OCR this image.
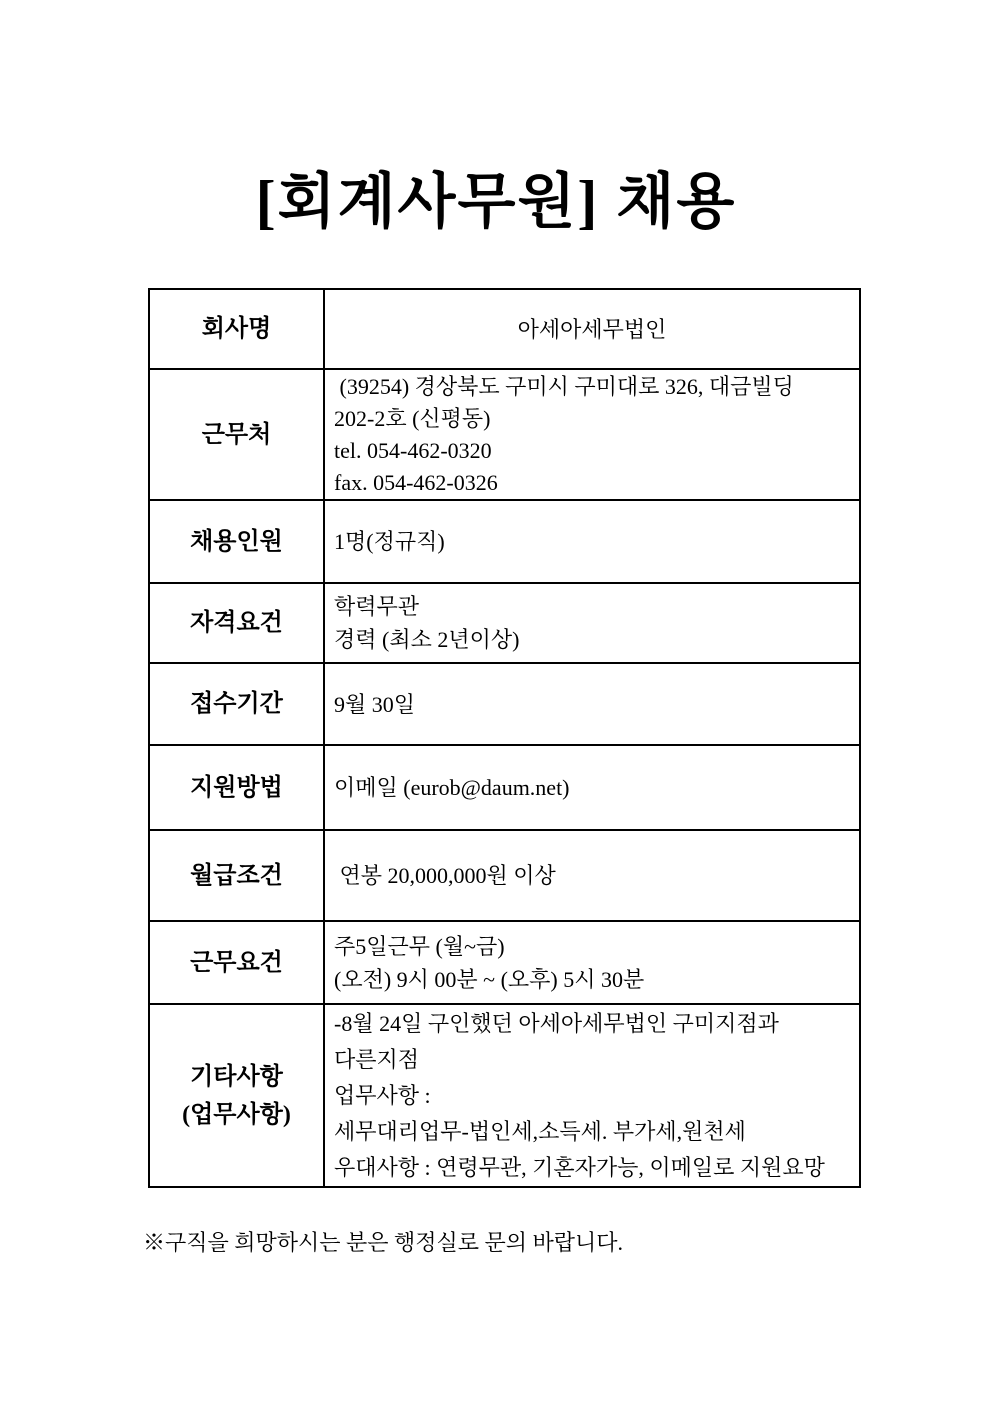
[회계사무원] 채용
회사명	아세아세무법인
근무처
(39254) 경상북도 구미시 구미대로 326, 대금빌딩
202-2호 (신평동)
tel. 054-462-0320
fax. 054-462-0326
채용인원 1명(정규직)
자격요건
학력무관
경력 (최소 2년이상)
접수기간 9월 30일
지원방법 이메일 (eurob@daum.net)
월급조건 연봉 20,000,000원 이상
근무요건
주5일근무 (월~금)
(오전) 9시 00분 ~ (오후) 5시 30분
기타사항
(업무사항)
-8월 24일 구인했던 아세아세무법인 구미지점과
다른지점
업무사항 :
세무대리업무-법인세,소득세. 부가세,원천세
우대사항 : 연령무관, 기혼자가능, 이메일로 지원요망

※구직을 희망하시는 분은 행정실로 문의 바랍니다.
